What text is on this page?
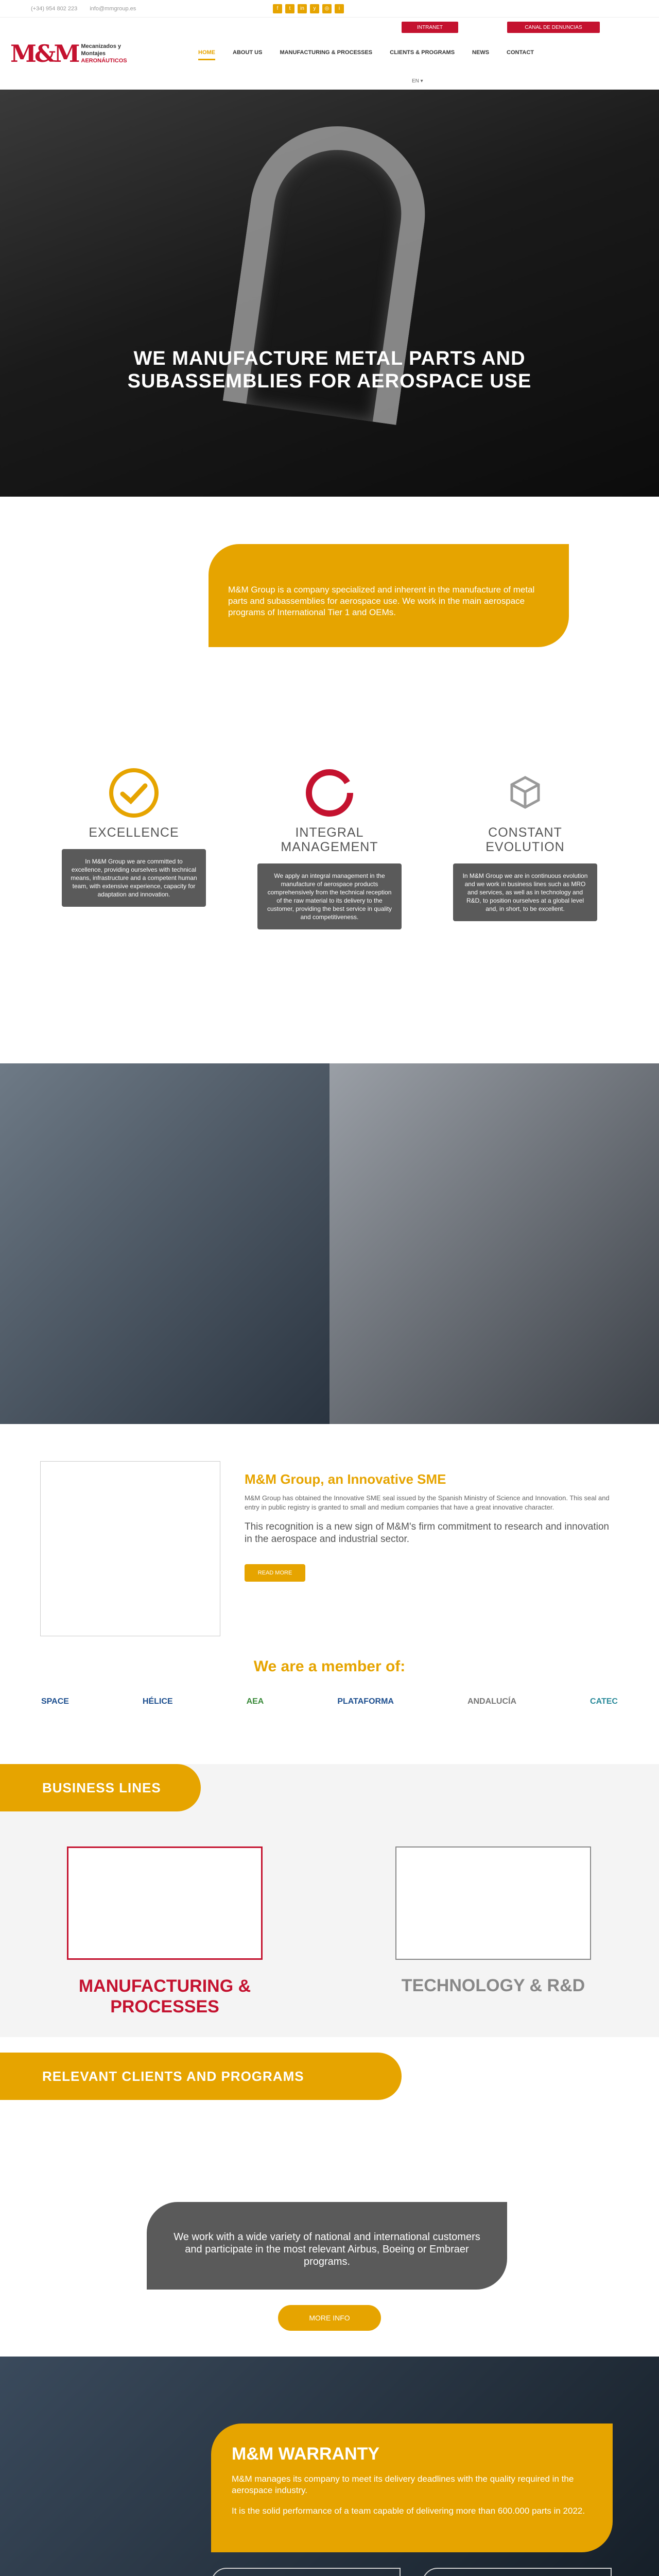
(+34) 954 802 223 info@mmgroup.es	f	t	in	y	◎	i
M&M Mecanizados y Montajes
AERONÁUTICOS
INTRANET	CANAL DE DENUNCIAS
HOME	ABOUT US	MANUFACTURING & PROCESSES	CLIENTS & PROGRAMS	NEWS	CONTACT
EN ▾
WE MANUFACTURE METAL PARTS AND
SUBASSEMBLIES FOR AEROSPACE USE
M&M Group is a company specialized and inherent in the manufacture of metal parts and subassemblies for aerospace use. We work in the main aerospace programs of International Tier 1 and OEMs.
EXCELLENCE

In M&M Group we are committed to excellence, providing ourselves with technical means, infrastructure and a competent human team, with extensive experience, capacity for adaptation and innovation.

INTEGRAL MANAGEMENT

We apply an integral management in the manufacture of aerospace products comprehensively from the technical reception of the raw material to its delivery to the customer, providing the best service in quality and competitiveness.

CONSTANT EVOLUTION

In M&M Group we are in continuous evolution and we work in business lines such as MRO and services, as well as in technology and R&D, to position ourselves at a global level and, in short, to be excellent.

M&M Group, an Innovative SME
M&M Group has obtained the Innovative SME seal issued by the Spanish Ministry of Science and Innovation. This seal and entry in public registry is granted to small and medium companies that have a great innovative character.
This recognition is a new sign of M&M's firm commitment to research and innovation in the aerospace and industrial sector.
READ MORE
We are a member of:
SPACE	HÉLICE	AEA	PLATAFORMA	ANDALUCÍA	CATEC
BUSINESS LINES
MANUFACTURING & PROCESSES
TECHNOLOGY & R&D
RELEVANT CLIENTS AND PROGRAMS
We work with a wide variety of national and international customers and participate in the most relevant Airbus, Boeing or Embraer programs.
MORE INFO
M&M WARRANTY

M&M manages its company to meet its delivery deadlines with the quality required in the aerospace industry.

It is the solid performance of a team capable of delivering more than 600.000 parts in 2022.
